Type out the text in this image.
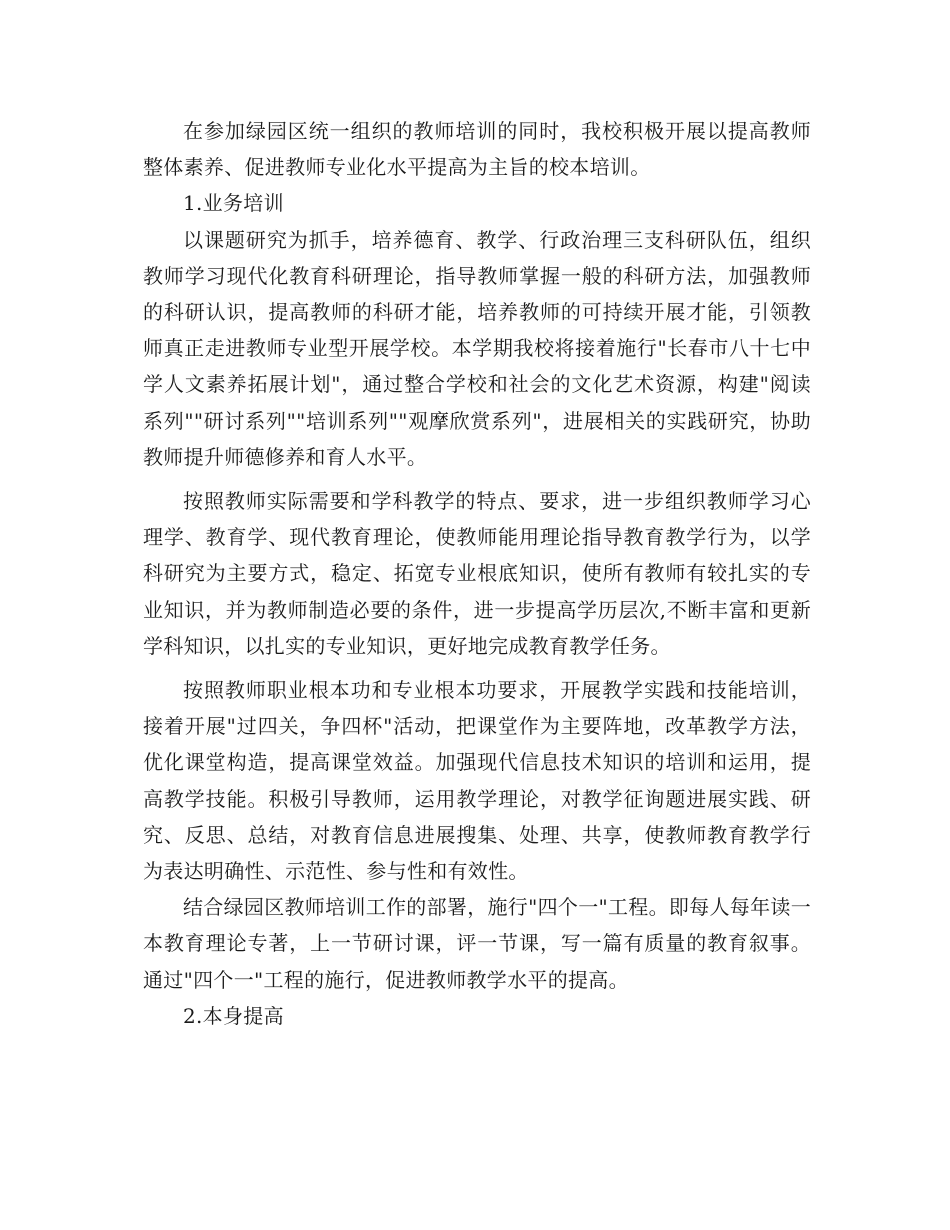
在参加绿园区统一组织的教师培训的同时，我校积极开展以提高教师整体素养、促进教师专业化水平提高为主旨的校本培训。

1.业务培训

以课题研究为抓手，培养德育、教学、行政治理三支科研队伍，组织教师学习现代化教育科研理论，指导教师掌握一般的科研方法，加强教师的科研认识，提高教师的科研才能，培养教师的可持续开展才能，引领教师真正走进教师专业型开展学校。本学期我校将接着施行"长春市八十七中学人文素养拓展计划"，通过整合学校和社会的文化艺术资源，构建"阅读系列""研讨系列""培训系列""观摩欣赏系列"，进展相关的实践研究，协助教师提升师德修养和育人水平。

按照教师实际需要和学科教学的特点、要求，进一步组织教师学习心理学、教育学、现代教育理论，使教师能用理论指导教育教学行为，以学科研究为主要方式，稳定、拓宽专业根底知识，使所有教师有较扎实的专业知识，并为教师制造必要的条件，进一步提高学历层次,不断丰富和更新学科知识，以扎实的专业知识，更好地完成教育教学任务。

按照教师职业根本功和专业根本功要求，开展教学实践和技能培训，接着开展"过四关，争四杯"活动，把课堂作为主要阵地，改革教学方法，优化课堂构造，提高课堂效益。加强现代信息技术知识的培训和运用，提高教学技能。积极引导教师，运用教学理论，对教学征询题进展实践、研究、反思、总结，对教育信息进展搜集、处理、共享，使教师教育教学行为表达明确性、示范性、参与性和有效性。

结合绿园区教师培训工作的部署，施行"四个一"工程。即每人每年读一本教育理论专著，上一节研讨课，评一节课，写一篇有质量的教育叙事。通过"四个一"工程的施行，促进教师教学水平的提高。

2.本身提高
